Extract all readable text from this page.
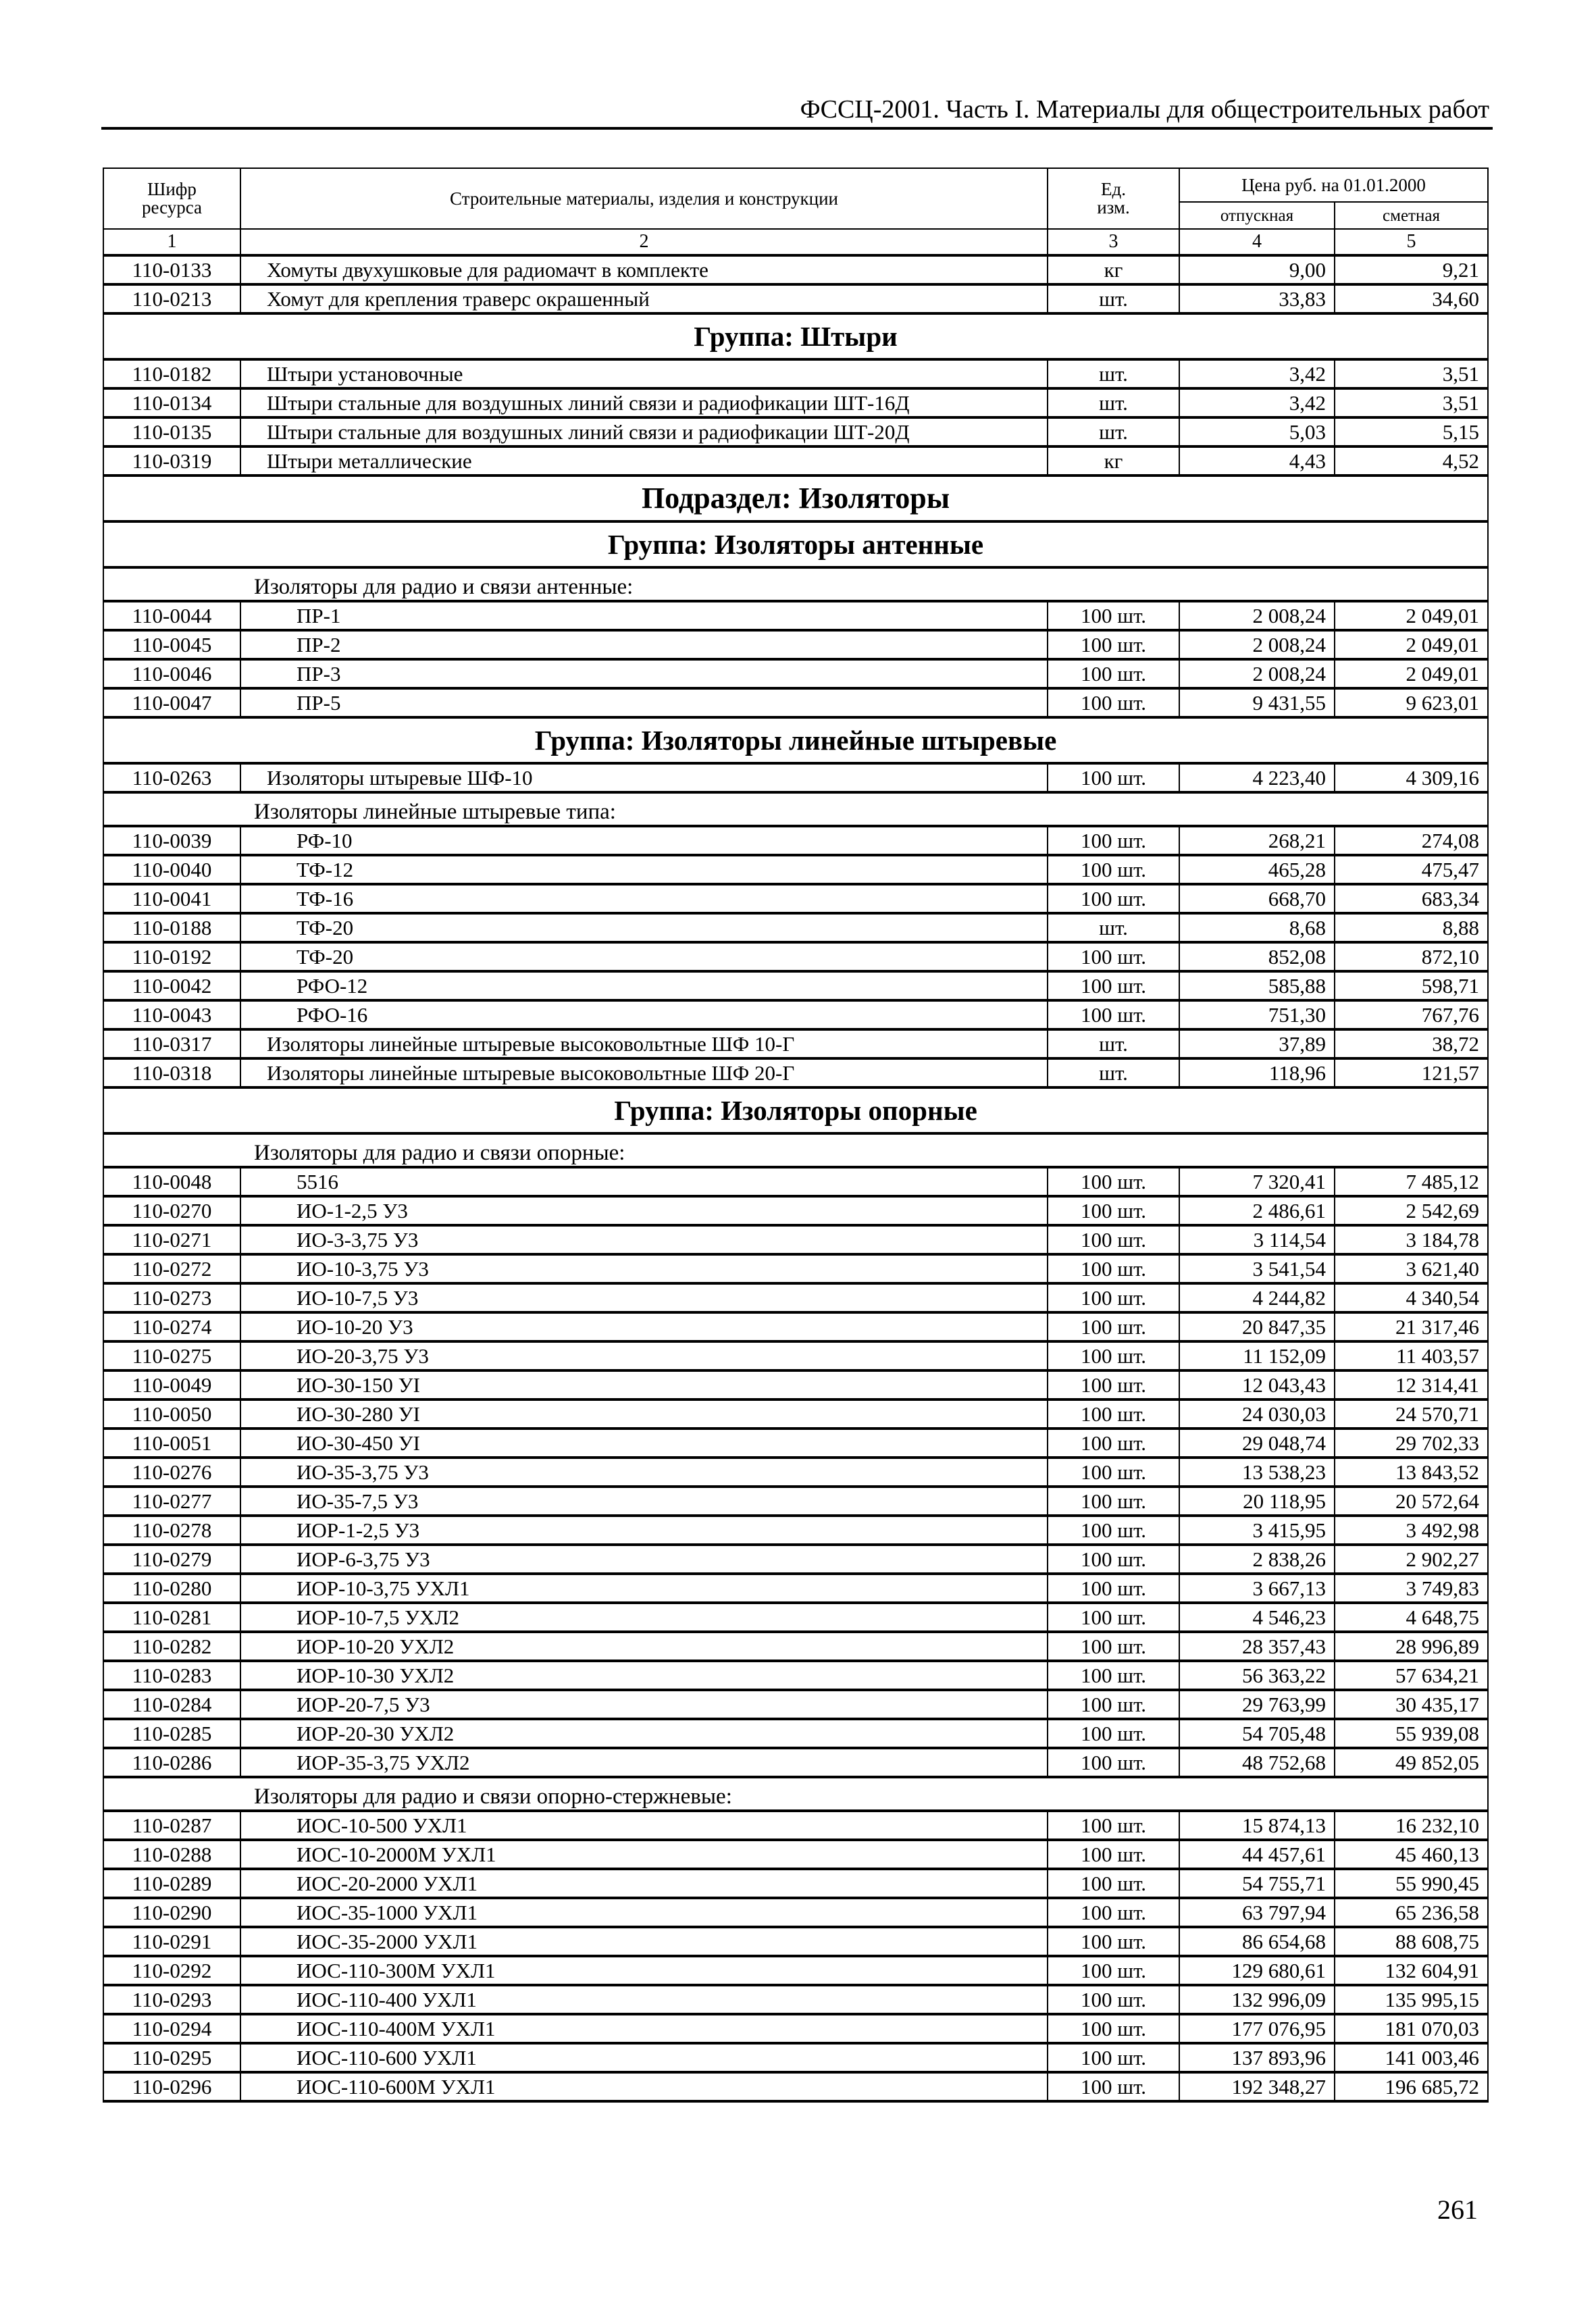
ФССЦ-2001. Часть I. Материалы для общестроительных работ
Шифр ресурса	Строительные материалы, изделия и конструкции	Ед. изм.	Цена руб. на 01.01.2000	
			отпускная	сметная
1	2	3	4	5
110-0133	Хомуты двухушковые для радиомачт в комплекте	кг	9,00	9,21
110-0213	Хомут для крепления траверс окрашенный	шт.	33,83	34,60
Группа: Штыри				
110-0182	Штыри установочные	шт.	3,42	3,51
110-0134	Штыри стальные для воздушных линий связи и радиофикации ШТ-16Д	шт.	3,42	3,51
110-0135	Штыри стальные для воздушных линий связи и радиофикации ШТ-20Д	шт.	5,03	5,15
110-0319	Штыри металлические	кг	4,43	4,52
Подраздел: Изоляторы				
Группа: Изоляторы антенные				
Изоляторы для радио и связи антенные:				
110-0044	ПР-1	100 шт.	2 008,24	2 049,01
110-0045	ПР-2	100 шт.	2 008,24	2 049,01
110-0046	ПР-3	100 шт.	2 008,24	2 049,01
110-0047	ПР-5	100 шт.	9 431,55	9 623,01
Группа: Изоляторы линейные штыревые				
110-0263	Изоляторы штыревые ШФ-10	100 шт.	4 223,40	4 309,16
Изоляторы линейные штыревые типа:				
110-0039	РФ-10	100 шт.	268,21	274,08
110-0040	ТФ-12	100 шт.	465,28	475,47
110-0041	ТФ-16	100 шт.	668,70	683,34
110-0188	ТФ-20	шт.	8,68	8,88
110-0192	ТФ-20	100 шт.	852,08	872,10
110-0042	РФО-12	100 шт.	585,88	598,71
110-0043	РФО-16	100 шт.	751,30	767,76
110-0317	Изоляторы линейные штыревые высоковольтные ШФ 10-Г	шт.	37,89	38,72
110-0318	Изоляторы линейные штыревые высоковольтные ШФ 20-Г	шт.	118,96	121,57
Группа: Изоляторы опорные				
Изоляторы для радио и связи опорные:				
110-0048	5516	100 шт.	7 320,41	7 485,12
110-0270	ИО-1-2,5 У3	100 шт.	2 486,61	2 542,69
110-0271	ИО-3-3,75 У3	100 шт.	3 114,54	3 184,78
110-0272	ИО-10-3,75 У3	100 шт.	3 541,54	3 621,40
110-0273	ИО-10-7,5 У3	100 шт.	4 244,82	4 340,54
110-0274	ИО-10-20 У3	100 шт.	20 847,35	21 317,46
110-0275	ИО-20-3,75 У3	100 шт.	11 152,09	11 403,57
110-0049	ИО-30-150 УI	100 шт.	12 043,43	12 314,41
110-0050	ИО-30-280 УI	100 шт.	24 030,03	24 570,71
110-0051	ИО-30-450 УI	100 шт.	29 048,74	29 702,33
110-0276	ИО-35-3,75 У3	100 шт.	13 538,23	13 843,52
110-0277	ИО-35-7,5 У3	100 шт.	20 118,95	20 572,64
110-0278	ИОР-1-2,5 У3	100 шт.	3 415,95	3 492,98
110-0279	ИОР-6-3,75 У3	100 шт.	2 838,26	2 902,27
110-0280	ИОР-10-3,75 УХЛ1	100 шт.	3 667,13	3 749,83
110-0281	ИОР-10-7,5 УХЛ2	100 шт.	4 546,23	4 648,75
110-0282	ИОР-10-20 УХЛ2	100 шт.	28 357,43	28 996,89
110-0283	ИОР-10-30 УХЛ2	100 шт.	56 363,22	57 634,21
110-0284	ИОР-20-7,5 У3	100 шт.	29 763,99	30 435,17
110-0285	ИОР-20-30 УХЛ2	100 шт.	54 705,48	55 939,08
110-0286	ИОР-35-3,75 УХЛ2	100 шт.	48 752,68	49 852,05
Изоляторы для радио и связи опорно-стержневые:				
110-0287	ИОС-10-500 УХЛ1	100 шт.	15 874,13	16 232,10
110-0288	ИОС-10-2000М УХЛ1	100 шт.	44 457,61	45 460,13
110-0289	ИОС-20-2000 УХЛ1	100 шт.	54 755,71	55 990,45
110-0290	ИОС-35-1000 УХЛ1	100 шт.	63 797,94	65 236,58
110-0291	ИОС-35-2000 УХЛ1	100 шт.	86 654,68	88 608,75
110-0292	ИОС-110-300М УХЛ1	100 шт.	129 680,61	132 604,91
110-0293	ИОС-110-400 УХЛ1	100 шт.	132 996,09	135 995,15
110-0294	ИОС-110-400М УХЛ1	100 шт.	177 076,95	181 070,03
110-0295	ИОС-110-600 УХЛ1	100 шт.	137 893,96	141 003,46
110-0296	ИОС-110-600М УХЛ1	100 шт.	192 348,27	196 685,72
261
